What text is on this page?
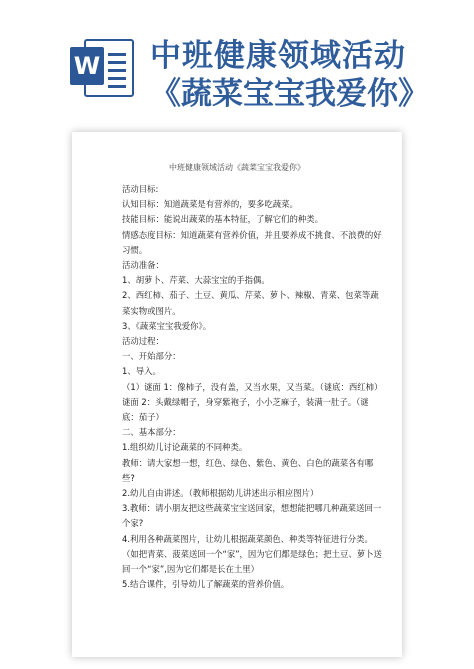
W 中班健康领域活动
《蔬菜宝宝我爱你》
中班健康领域活动《蔬菜宝宝我爱你》

活动目标:

认知目标：知道蔬菜是有营养的，要多吃蔬菜。

技能目标：能说出蔬菜的基本特征，了解它们的种类。

情感态度目标：知道蔬菜有营养价值，并且要养成不挑食、不浪费的好习惯。

活动准备：

1、胡萝卜、芹菜、大蒜宝宝的手指偶。

2、西红柿、茄子、土豆、黄瓜、芹菜、萝卜、辣椒、青菜、包菜等蔬菜实物或图片。

3、《蔬菜宝宝我爱你》。

活动过程：

一、开始部分：

1、导入。

（1）谜面 1：像柿子，没有盖，又当水果，又当菜。（谜底：西红柿）

谜面 2：头戴绿帽子，身穿紫袍子，小小芝麻子，装满一肚子。（谜底：茄子）

二、基本部分：

1.组织幼儿讨论蔬菜的不同种类。

教师：请大家想一想，红色、绿色、紫色、黄色、白色的蔬菜各有哪些?

2.幼儿自由讲述。（教师根据幼儿讲述出示相应图片）

3.教师：请小朋友把这些蔬菜宝宝送回家，想想能把哪几种蔬菜送回一个家?

4.利用各种蔬菜图片，让幼儿根据蔬菜颜色、种类等特征进行分类。（如把青菜、菠菜送回一个“家”，因为它们都是绿色；把土豆、萝卜送回一个“家”,因为它们都是长在土里）

5.结合课件，引导幼儿了解蔬菜的营养价值。
